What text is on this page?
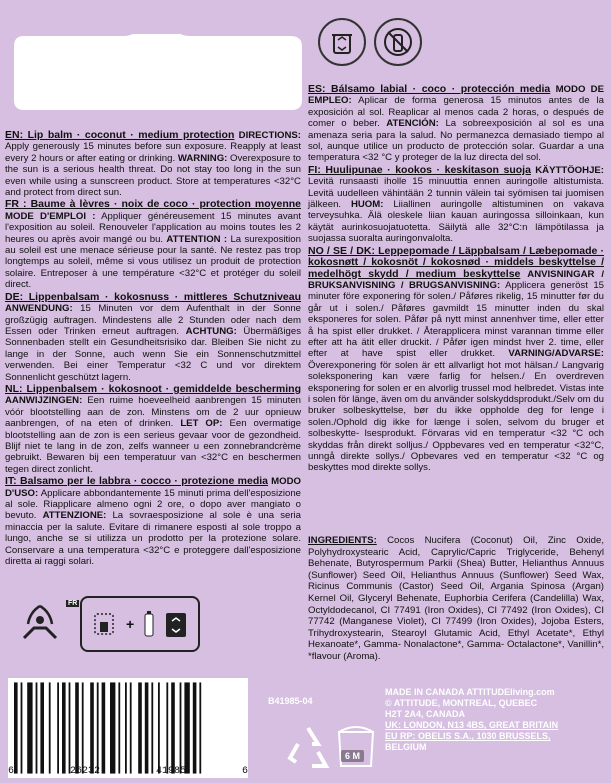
ES: Bálsamo labial · coco · protección media MODO DE EMPLEO: Aplicar de forma generosa 15 minutos antes de la exposición al sol. Reaplicar al menos cada 2 horas, o después de comer o beber. ATENCIÓN: La sobreexposición al sol es una amenaza seria para la salud. No permanezca demasiado tiempo al sol, aunque utilice un producto de protección solar. Guardar a una temperatura <32 °C y proteger de la luz directa del sol.

FI: Huulipunae · kookos · keskitason suoja KÄYTTÖOHJE: Levitä runsaasti iholle 15 minuuttia ennen auringolle altistumista. Levitä uudelleen vähintään 2 tunnin välein tai syömisen tai juomisen jälkeen. HUOM: Liiallinen auringolle altistuminen on vakava terveysuhka. Älä oleskele liian kauan auringossa silloinkaan, kun käytät aurinkosuojatuotetta. Säilytä alle 32°C:n lämpötilassa ja suojassa suoralta auringonvalolta.

NO / SE / DK: Leppepomade / Läppbalsam / Læbepomade · kokosnøtt / kokosnöt / kokosnød · middels beskyttelse / medelhögt skydd / medium beskyttelse ANVISNINGAR / BRUKSANVISNING / BRUGSANVISNING: Applicera generöst 15 minuter före exponering för solen./ Påføres rikelig, 15 minutter før du går ut i solen./ Påføres gavmildt 15 minutter inden du skal eksponeres for solen. Påfør på nytt minst annenhver time, eller etter å ha spist eller drukket. / Återapplicera minst varannan timme eller efter att ha ätit eller druckit. / Påfør igen mindst hver 2. time, eller efter at have spist eller drukket. VARNING/ADVARSE: Överexponering för solen är ett allvarligt hot mot hälsan./ Langvarig soleksponering kan være farlig for helsen./ En overdreven eksponering for solen er en alvorlig trussel mod helbredet. Vistas inte i solen för länge, även om du använder solskyddsprodukt./Selv om du bruker solbeskyttelse, bør du ikke oppholde deg for lenge i solen./Ophold dig ikke for længe i solen, selvom du bruger et solbeskytte- lsesprodukt. Förvaras vid en temperatur <32 °C och skyddas från direkt solljus./ Oppbevares ved en temperatur <32°C, unngå direkte sollys./ Opbevares ved en temperatur <32 °C og beskyttes mod direkte sollys.

EN: Lip balm · coconut · medium protection DIRECTIONS: Apply generously 15 minutes before sun exposure. Reapply at least every 2 hours or after eating or drinking. WARNING: Overexposure to the sun is a serious health threat. Do not stay too long in the sun even while using a sunscreen product. Store at temperatures <32°C and protect from direct sun.

FR : Baume à lèvres · noix de coco · protection moyenne MODE D'EMPLOI : Appliquer généreusement 15 minutes avant l'exposition au soleil. Renouveler l'application au moins toutes les 2 heures ou après avoir mangé ou bu. ATTENTION : La surexposition au soleil est une menace sérieuse pour la santé. Ne restez pas trop longtemps au soleil, même si vous utilisez un produit de protection solaire. Entreposer à une température <32°C et protéger du soleil direct.

DE: Lippenbalsam · kokosnuss · mittleres Schutzniveau ANWENDUNG: 15 Minuten vor dem Aufenthalt in der Sonne großzügig auftragen. Mindestens alle 2 Stunden oder nach dem Essen oder Trinken erneut auftragen. ACHTUNG: Übermäßiges Sonnenbaden stellt ein Gesundheitsrisiko dar. Bleiben Sie nicht zu lange in der Sonne, auch wenn Sie ein Sonnenschutzmittel verwenden. Bei einer Temperatur <32 C und vor direktem Sonnenlicht geschützt lagern.

NL: Lippenbalsem · kokosnoot · gemiddelde bescherming AANWIJZINGEN: Een ruime hoeveelheid aanbrengen 15 minuten vóór blootstelling aan de zon. Minstens om de 2 uur opnieuw aanbrengen, of na eten of drinken. LET OP: Een overmatige blootstelling aan de zon is een serieus gevaar voor de gezondheid. Blijf niet te lang in de zon, zelfs wanneer u een zonnebrandcrème gebruikt. Bewaren bij een temperatuur van <32°C en beschermen tegen direct zonlicht.

IT: Balsamo per le labbra · cocco · protezione media MODO D'USO: Applicare abbondantemente 15 minuti prima dell'esposizione al sole. Riapplicare almeno ogni 2 ore, o dopo aver mangiato o bevuto. ATTENZIONE: La sovraesposizione al sole è una seria minaccia per la salute. Evitare di rimanere esposti al sole troppo a lungo, anche se si utilizza un prodotto per la protezione solare. Conservare a una temperatura <32°C e proteggere dall'esposizione diretta ai raggi solari.

INGREDIENTS: Cocos Nucifera (Coconut) Oil, Zinc Oxide, Polyhydroxystearic Acid, Caprylic/Capric Triglyceride, Behenyl Behenate, Butyrospermum Parkii (Shea) Butter, Helianthus Annuus (Sunflower) Seed Oil, Helianthus Annuus (Sunflower) Seed Wax, Ricinus Communis (Castor) Seed Oil, Argania Spinosa (Argan) Kernel Oil, Glyceryl Behenate, Euphorbia Cerifera (Candelilla) Wax, Octyldodecanol, CI 77491 (Iron Oxides), CI 77492 (Iron Oxides), CI 77742 (Manganese Violet), CI 77499 (Iron Oxides), Jojoba Esters, Trihydroxystearin, Stearoyl Glutamic Acid, Ethyl Acetate*, Ethyl Hexanoate*, Gamma- Nonalactone*, Gamma- Octalactone*, Vanillin*, *flavour (Aroma).
+
FR
6	26232	41985	6
B41985-04
6 M
MADE IN CANADA ATTITUDEliving.com
© ATTITUDE, MONTREAL, QUEBEC
H2T 2A4, CANADA
UK: LONDON, N13 4BS, GREAT BRITAIN
EU RP: OBELIS S.A., 1030 BRUSSELS,
BELGIUM
